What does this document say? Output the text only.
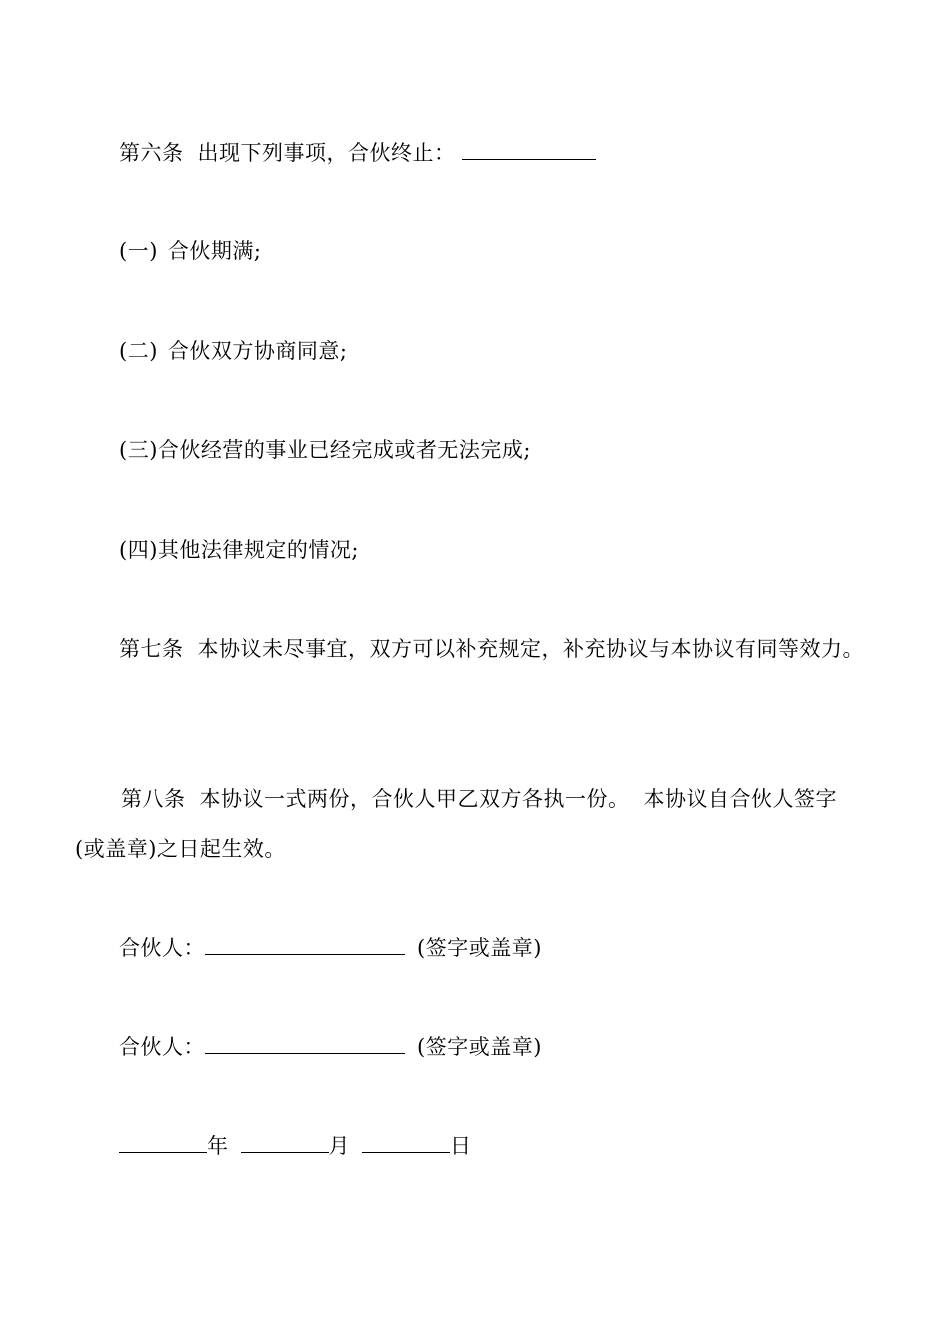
第六条 出现下列事项，合伙终止：
(一) 合伙期满;
(二) 合伙双方协商同意;
(三)合伙经营的事业已经完成或者无法完成;
(四)其他法律规定的情况;
第七条 本协议未尽事宜，双方可以补充规定，补充协议与本协议有同等效力。
第八条 本协议一式两份，合伙人甲乙双方各执一份。 本协议自合伙人签字
(或盖章)之日起生效。
合伙人：	(签字或盖章)
合伙人：	(签字或盖章)
年	月	日
